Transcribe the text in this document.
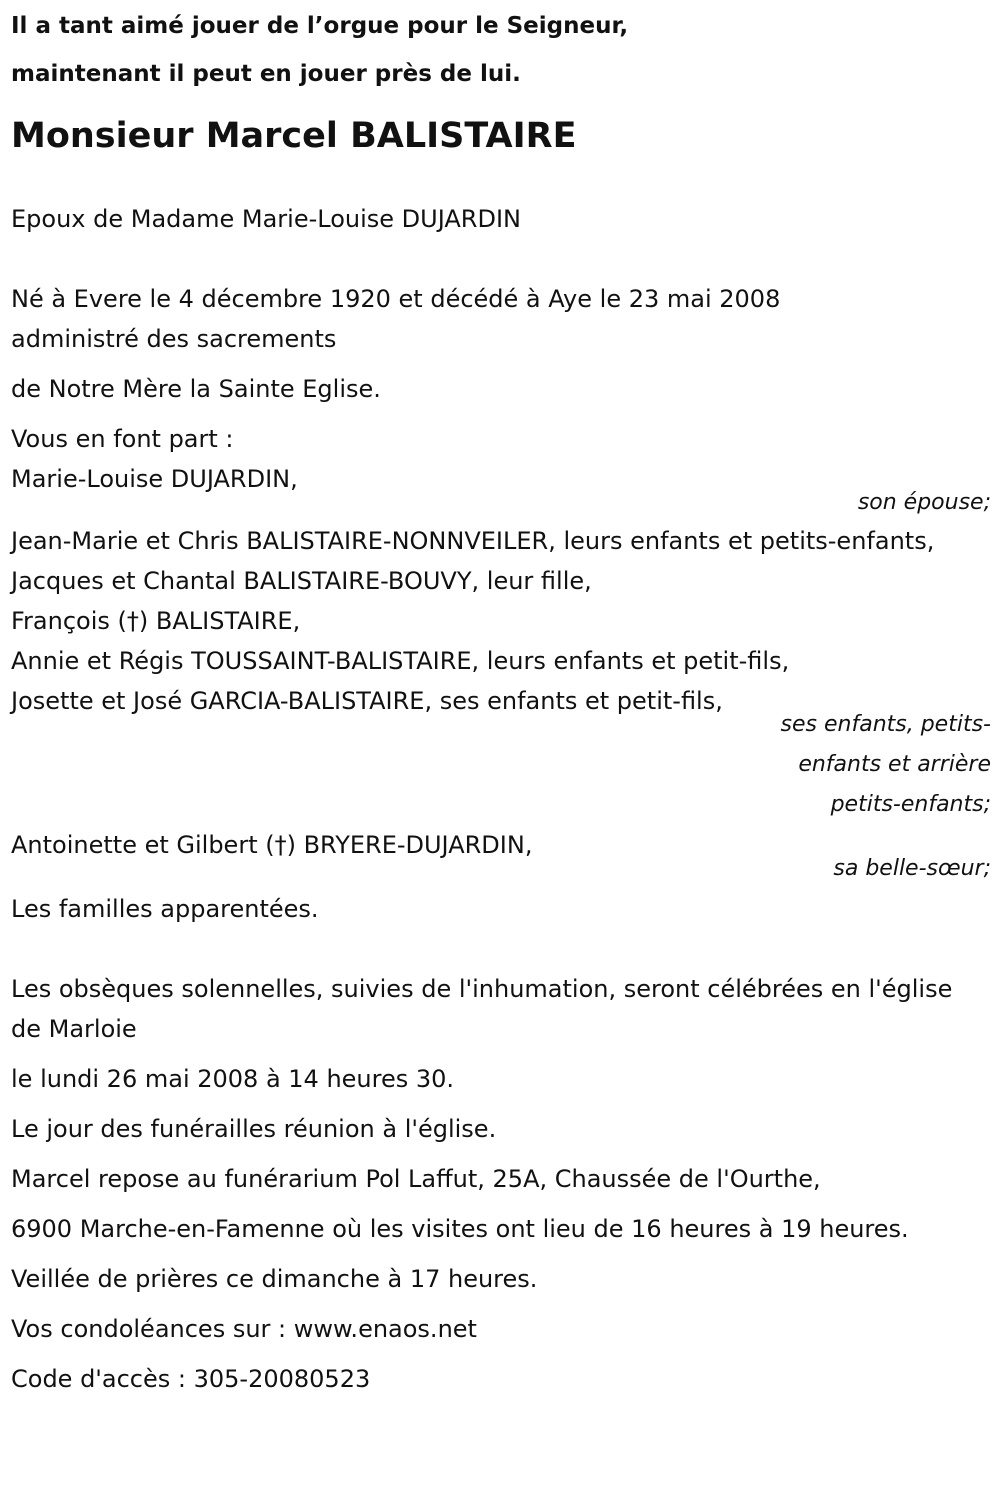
Il a tant aimé jouer de l’orgue pour le Seigneur,
maintenant il peut en jouer près de lui.

Monsieur Marcel BALISTAIRE

Epoux de Madame Marie-Louise DUJARDIN

Né à Evere le 4 décembre 1920 et décédé à Aye le 23 mai 2008
administré des sacrements

de Notre Mère la Sainte Eglise.

Vous en font part :

Marie-Louise DUJARDIN,

son épouse;

Jean-Marie et Chris BALISTAIRE-NONNVEILER, leurs enfants et petits-enfants,
Jacques et Chantal BALISTAIRE-BOUVY, leur fille,
François (†) BALISTAIRE,
Annie et Régis TOUSSAINT-BALISTAIRE, leurs enfants et petit-fils,
Josette et José GARCIA-BALISTAIRE, ses enfants et petit-fils,

ses enfants, petits-
enfants et arrière
petits-enfants;

Antoinette et Gilbert (†) BRYERE-DUJARDIN,

sa belle-sœur;

Les familles apparentées.

Les obsèques solennelles, suivies de l'inhumation, seront célébrées en l'église de Marloie

le lundi 26 mai 2008 à 14 heures 30.

Le jour des funérailles réunion à l'église.

Marcel repose au funérarium Pol Laffut, 25A, Chaussée de l'Ourthe,

6900 Marche-en-Famenne où les visites ont lieu de 16 heures à 19 heures.

Veillée de prières ce dimanche à 17 heures.

Vos condoléances sur : www.enaos.net

Code d'accès : 305-20080523
